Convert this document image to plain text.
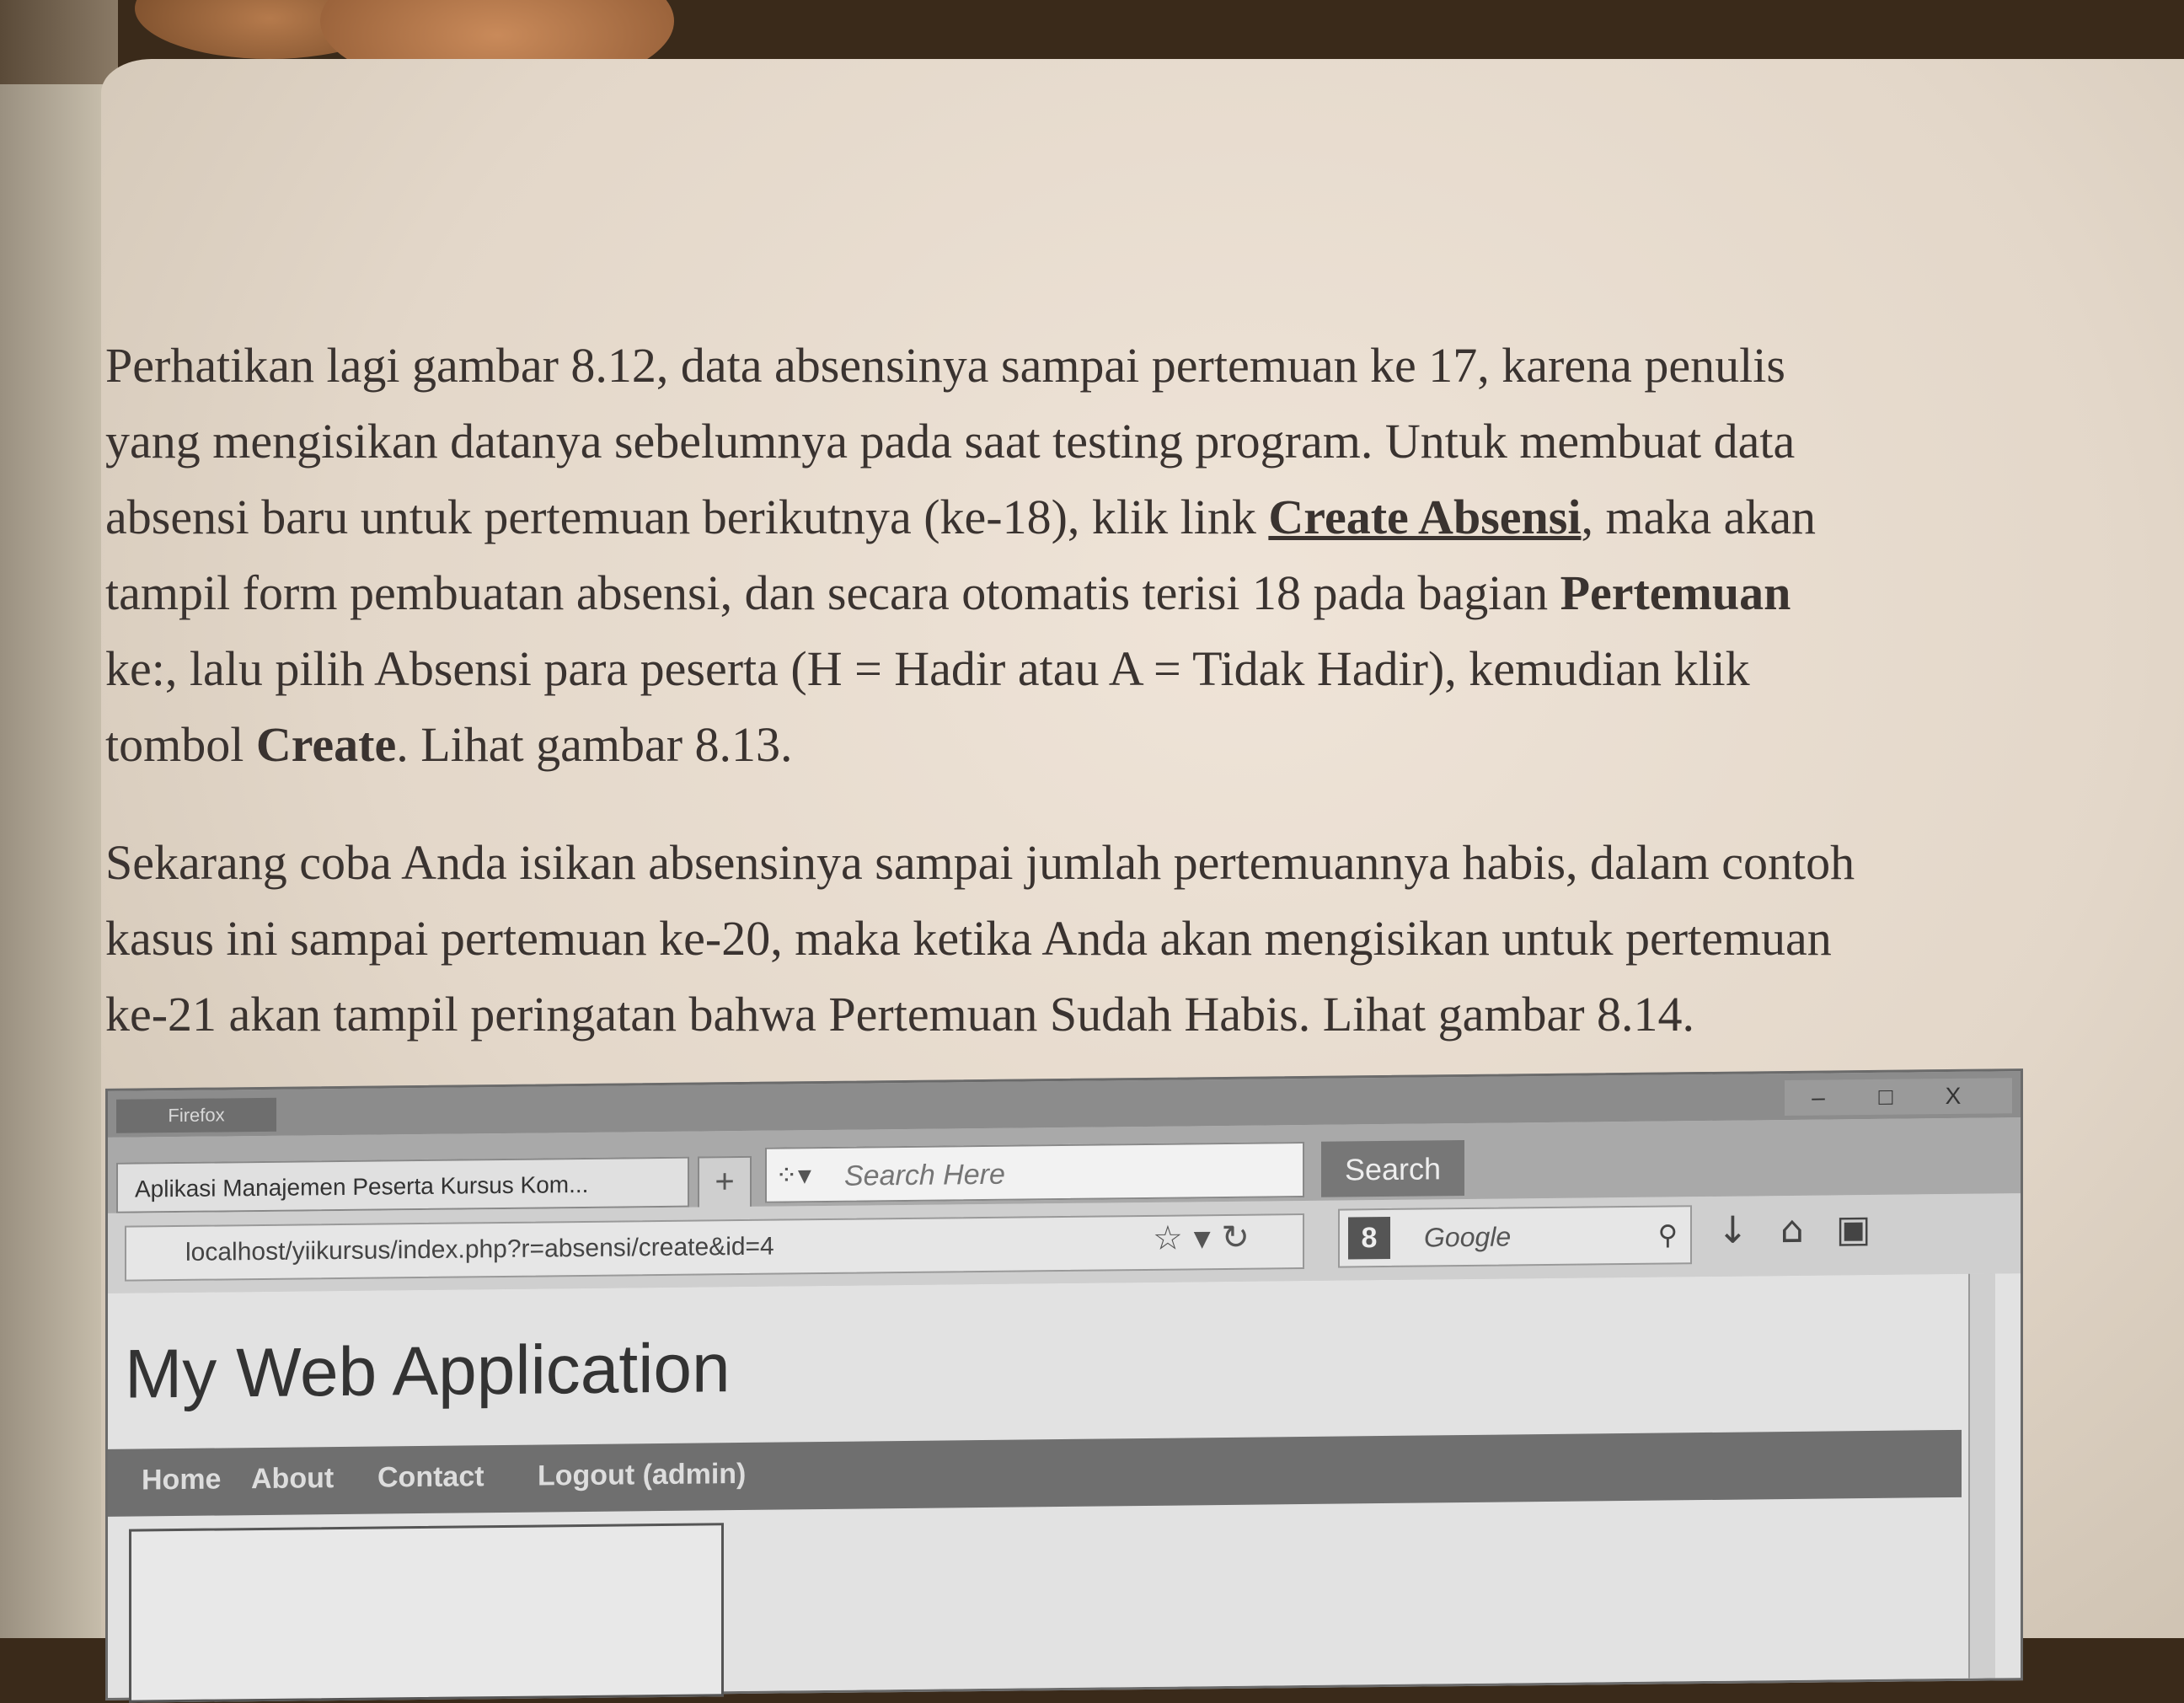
Perhatikan lagi gambar 8.12, data absensinya sampai pertemuan ke 17, karena penulis
yang mengisikan datanya sebelumnya pada saat testing program. Untuk membuat data
absensi baru untuk pertemuan berikutnya (ke-18), klik link Create Absensi, maka akan
tampil form pembuatan absensi, dan secara otomatis terisi 18 pada bagian Pertemuan
ke:, lalu pilih Absensi para peserta (H = Hadir atau A = Tidak Hadir), kemudian klik
tombol Create. Lihat gambar 8.13.
Sekarang coba Anda isikan absensinya sampai jumlah pertemuannya habis, dalam contoh
kasus ini sampai pertemuan ke-20, maka ketika Anda akan mengisikan untuk pertemuan
ke-21 akan tampil peringatan bahwa Pertemuan Sudah Habis. Lihat gambar 8.14.
Firefox
– □ X
Aplikasi Manajemen Peserta Kursus Kom...	+	⁘▾
Search Here	Search
localhost/yiikursus/index.php?r=absensi/create&id=4	☆ ▾ ↻	8	Google	⚲ ↓⌂▣
My Web Application
Home About Contact Logout (admin)
